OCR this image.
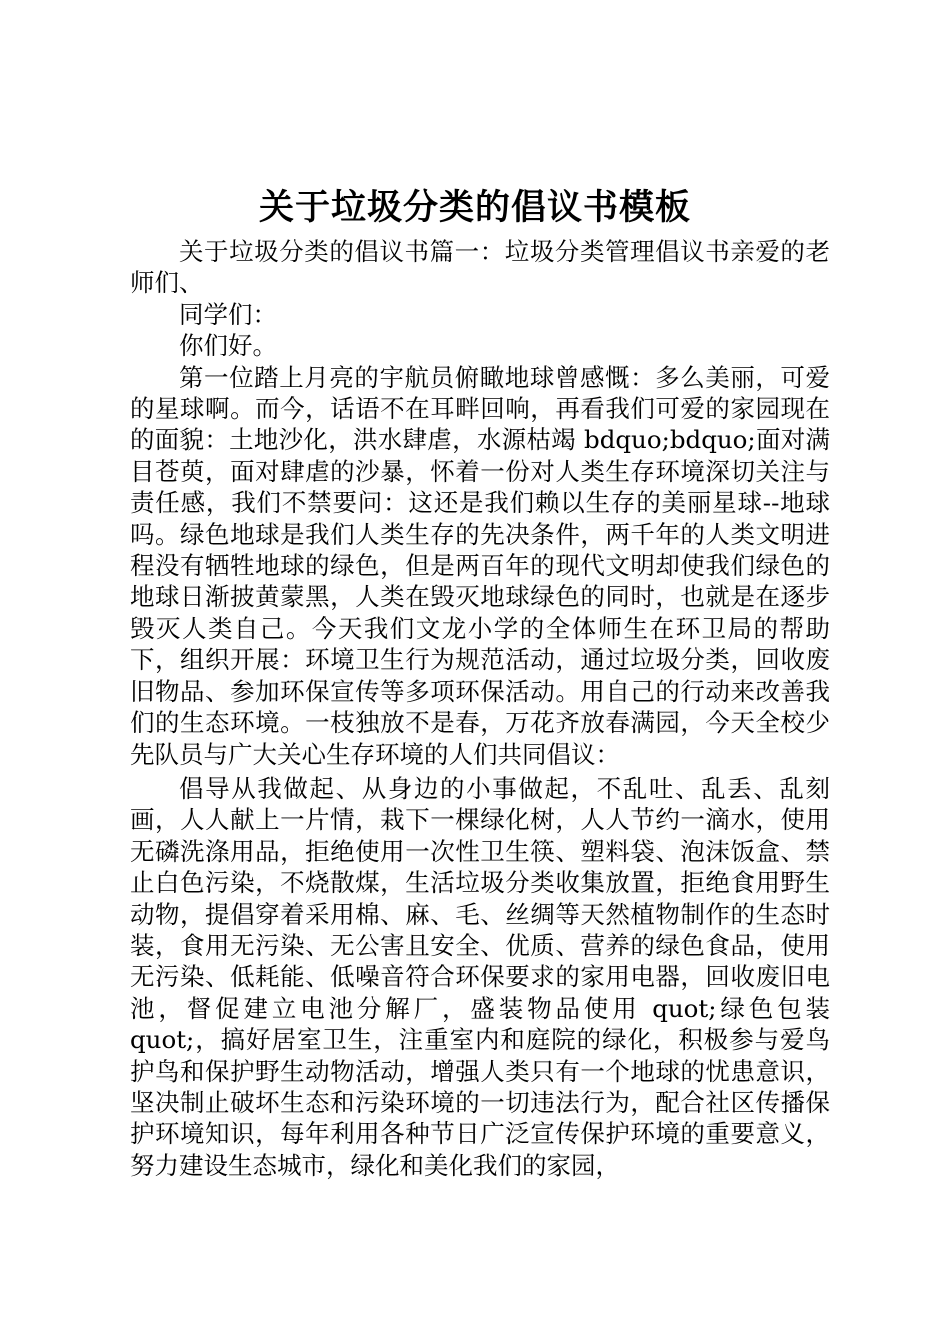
关于垃圾分类的倡议书模板

关于垃圾分类的倡议书篇一：垃圾分类管理倡议书亲爱的老师们、

同学们：

你们好。

第一位踏上月亮的宇航员俯瞰地球曾感慨：多么美丽，可爱的星球啊。而今，话语不在耳畔回响，再看我们可爱的家园现在的面貌：土地沙化，洪水肆虐，水源枯竭 bdquo;bdquo;面对满目苍萸，面对肆虐的沙暴，怀着一份对人类生存环境深切关注与责任感，我们不禁要问：这还是我们赖以生存的美丽星球--地球吗。绿色地球是我们人类生存的先决条件，两千年的人类文明进程没有牺牲地球的绿色，但是两百年的现代文明却使我们绿色的地球日渐披黄蒙黑，人类在毁灭地球绿色的同时，也就是在逐步毁灭人类自己。今天我们文龙小学的全体师生在环卫局的帮助下，组织开展：环境卫生行为规范活动，通过垃圾分类，回收废旧物品、参加环保宣传等多项环保活动。用自己的行动来改善我们的生态环境。一枝独放不是春，万花齐放春满园，今天全校少先队员与广大关心生存环境的人们共同倡议：

倡导从我做起、从身边的小事做起，不乱吐、乱丢、乱刻画，人人献上一片情，栽下一棵绿化树，人人节约一滴水，使用无磷洗涤用品，拒绝使用一次性卫生筷、塑料袋、泡沫饭盒、禁止白色污染，不烧散煤，生活垃圾分类收集放置，拒绝食用野生动物，提倡穿着采用棉、麻、毛、丝绸等天然植物制作的生态时装，食用无污染、无公害且安全、优质、营养的绿色食品，使用无污染、低耗能、低噪音符合环保要求的家用电器，回收废旧电池，督促建立电池分解厂，盛装物品使用 quot;绿色包装 quot;，搞好居室卫生，注重室内和庭院的绿化，积极参与爱鸟护鸟和保护野生动物活动，增强人类只有一个地球的忧患意识，坚决制止破坏生态和污染环境的一切违法行为，配合社区传播保护环境知识，每年利用各种节日广泛宣传保护环境的重要意义，努力建设生态城市，绿化和美化我们的家园，
